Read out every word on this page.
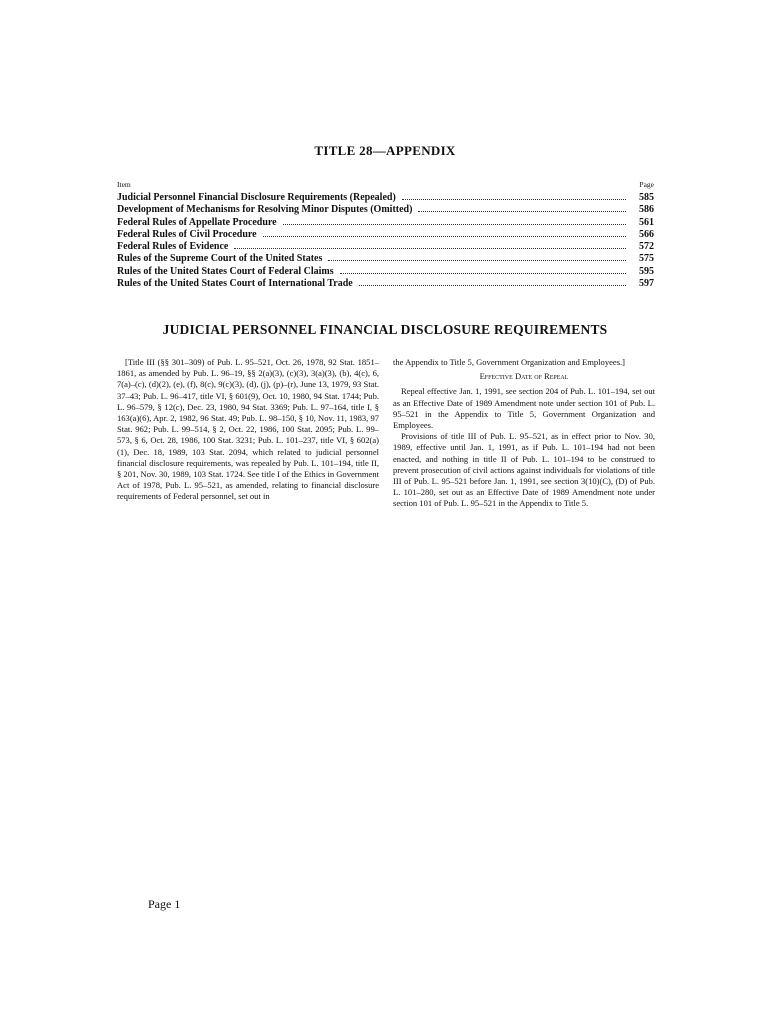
TITLE 28—APPENDIX
Item	Page
Judicial Personnel Financial Disclosure Requirements (Repealed)	585
Development of Mechanisms for Resolving Minor Disputes (Omitted)	586
Federal Rules of Appellate Procedure	561
Federal Rules of Civil Procedure	566
Federal Rules of Evidence	572
Rules of the Supreme Court of the United States	575
Rules of the United States Court of Federal Claims	595
Rules of the United States Court of International Trade	597
JUDICIAL PERSONNEL FINANCIAL DISCLOSURE REQUIREMENTS

[Title III (§§ 301–309) of Pub. L. 95–521, Oct. 26, 1978, 92 Stat. 1851–1861, as amended by Pub. L. 96–19, §§ 2(a)(3), (c)(3), 3(a)(3), (b), 4(c), 6, 7(a)–(c), (d)(2), (e), (f), 8(c), 9(c)(3), (d), (j), (p)–(r), June 13, 1979, 93 Stat. 37–43; Pub. L. 96–417, title VI, § 601(9), Oct. 10, 1980, 94 Stat. 1744; Pub. L. 96–579, § 12(c), Dec. 23, 1980, 94 Stat. 3369; Pub. L. 97–164, title I, § 163(a)(6), Apr. 2, 1982, 96 Stat. 49; Pub. L. 98–150, § 10, Nov. 11, 1983, 97 Stat. 962; Pub. L. 99–514, § 2, Oct. 22, 1986, 100 Stat. 2095; Pub. L. 99–573, § 6, Oct. 28, 1986, 100 Stat. 3231; Pub. L. 101–237, title VI, § 602(a)(1), Dec. 18, 1989, 103 Stat. 2094, which related to judicial personnel financial disclosure requirements, was repealed by Pub. L. 101–194, title II, § 201, Nov. 30, 1989, 103 Stat. 1724. See title I of the Ethics in Government Act of 1978, Pub. L. 95–521, as amended, relating to financial disclosure requirements of Federal personnel, set out in

the Appendix to Title 5, Government Organization and Employees.]

Effective Date of Repeal

Repeal effective Jan. 1, 1991, see section 204 of Pub. L. 101–194, set out as an Effective Date of 1989 Amendment note under section 101 of Pub. L. 95–521 in the Appendix to Title 5, Government Organization and Employees.

Provisions of title III of Pub. L. 95–521, as in effect prior to Nov. 30, 1989, effective until Jan. 1, 1991, as if Pub. L. 101–194 had not been enacted, and nothing in title II of Pub. L. 101–194 to be construed to prevent prosecution of civil actions against individuals for violations of title III of Pub. L. 95–521 before Jan. 1, 1991, see section 3(10)(C), (D) of Pub. L. 101–280, set out as an Effective Date of 1989 Amendment note under section 101 of Pub. L. 95–521 in the Appendix to Title 5.

Page 1
